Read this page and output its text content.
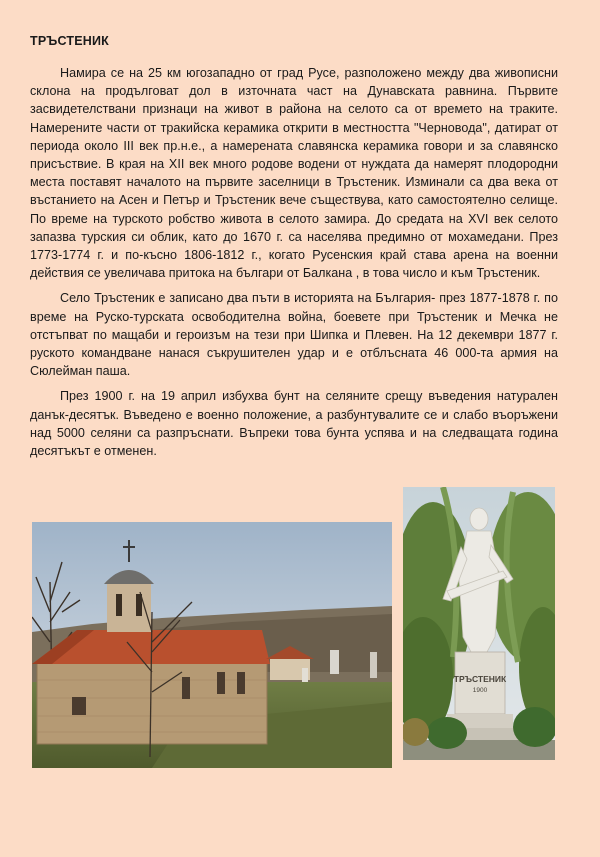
ТРЪСТЕНИК

Намира се на 25 км югозападно от град Русе, разположено между два живописни склона на продълговат дол в източната част на Дунавската равнина. Първите засвидетелствани признаци на живот в района на селото са от времето на траките. Намерените части от тракийска керамика открити в местността "Черновода", датират от периода около III век пр.н.е., а намерената славянска керамика говори и за славянско присъствие. В края на XII век много родове водени от нуждата да намерят плодородни места поставят началото на първите заселници в Тръстеник. Изминали са два века от въстанието на Асен и Петър и Тръстеник вече съществува, като самостоятелно селище. По време на турското робство живота в селото замира. До средата на XVI век селото запазва турския си облик, като до 1670 г. са населява предимно от мохамедани. През 1773-1774 г. и по-късно 1806-1812 г., когато Русенския край става арена на военни действия се увеличава притока на българи от Балкана , в това число и към Тръстеник.

Село Тръстеник е записано два пъти в историята на България- през 1877-1878 г. по време на Руско-турската освободителна война, боевете при Тръстеник и Мечка не отстъпват по мащаби и героизъм на тези при Шипка и Плевен. На 12 декември 1877 г. руското командване нанася съкрушителен удар и е отблъсната 46 000-та армия на Сюлейман паша.

През 1900 г. на 19 април избухва бунт на селяните срещу въведения натурален данък-десятък. Въведено е военно положение, а разбунтувалите се и слабо въоръжени над 5000 селяни са разпръснати. Въпреки това бунта успява и на следващата година десятъкът е отменен.

ТРЪСТЕНИК
1900
